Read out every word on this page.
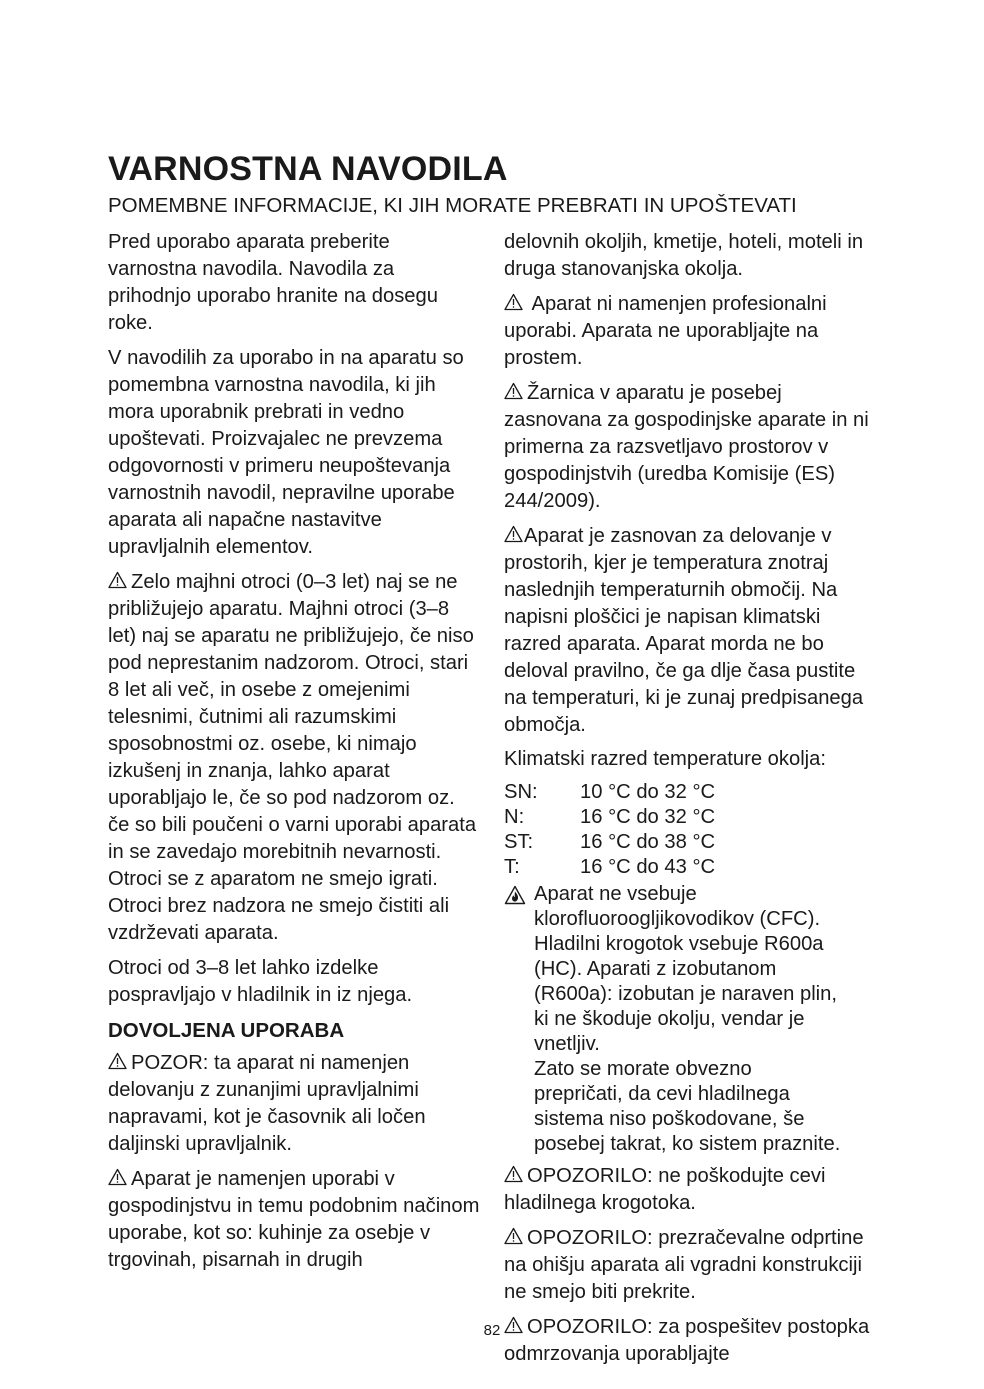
VARNOSTNA NAVODILA
POMEMBNE INFORMACIJE, KI JIH MORATE PREBRATI IN UPOŠTEVATI

Pred uporabo aparata preberite varnostna navodila. Navodila za prihodnjo uporabo hranite na dosegu roke.

V navodilih za uporabo in na aparatu so pomembna varnostna navodila, ki jih mora uporabnik prebrati in vedno upoštevati. Proizvajalec ne prevzema odgovornosti v primeru neupoštevanja varnostnih navodil, nepravilne uporabe aparata ali napačne nastavitve upravljalnih elementov.

Zelo majhni otroci (0–3 let) naj se ne približujejo aparatu. Majhni otroci (3–8 let) naj se aparatu ne približujejo, če niso pod neprestanim nadzorom. Otroci, stari 8 let ali več, in osebe z omejenimi telesnimi, čutnimi ali razumskimi sposobnostmi oz. osebe, ki nimajo izkušenj in znanja, lahko aparat uporabljajo le, če so pod nadzorom oz. če so bili poučeni o varni uporabi aparata in se zavedajo morebitnih nevarnosti. Otroci se z aparatom ne smejo igrati. Otroci brez nadzora ne smejo čistiti ali vzdrževati aparata.

Otroci od 3–8 let lahko izdelke pospravljajo v hladilnik in iz njega.

DOVOLJENA UPORABA

POZOR: ta aparat ni namenjen delovanju z zunanjimi upravljalnimi napravami, kot je časovnik ali ločen daljinski upravljalnik.

Aparat je namenjen uporabi v gospodinjstvu in temu podobnim načinom uporabe, kot so: kuhinje za osebje v trgovinah, pisarnah in drugih

delovnih okoljih, kmetije, hoteli, moteli in druga stanovanjska okolja.

Aparat ni namenjen profesionalni uporabi. Aparata ne uporabljajte na prostem.

Žarnica v aparatu je posebej zasnovana za gospodinjske aparate in ni primerna za razsvetljavo prostorov v gospodinjstvih (uredba Komisije (ES) 244/2009).

Aparat je zasnovan za delovanje v prostorih, kjer je temperatura znotraj naslednjih temperaturnih območij. Na napisni ploščici je napisan klimatski razred aparata. Aparat morda ne bo deloval pravilno, če ga dlje časa pustite na temperaturi, ki je zunaj predpisanega območja.

Klimatski razred temperature okolja:

SN:	10 °C do 32 °C
N:	16 °C do 32 °C
ST:	16 °C do 38 °C
T:	16 °C do 43 °C
Aparat ne vsebuje
klorofluoroogljikovodikov (CFC).
Hladilni krogotok vsebuje R600a
(HC). Aparati z izobutanom
(R600a): izobutan je naraven plin,
ki ne škoduje okolju, vendar je
vnetljiv.
Zato se morate obvezno
prepričati, da cevi hladilnega
sistema niso poškodovane, še
posebej takrat, ko sistem praznite.

OPOZORILO: ne poškodujte cevi hladilnega krogotoka.

OPOZORILO: prezračevalne odprtine na ohišju aparata ali vgradni konstrukciji ne smejo biti prekrite.

OPOZORILO: za pospešitev postopka odmrzovanja uporabljajte

82
